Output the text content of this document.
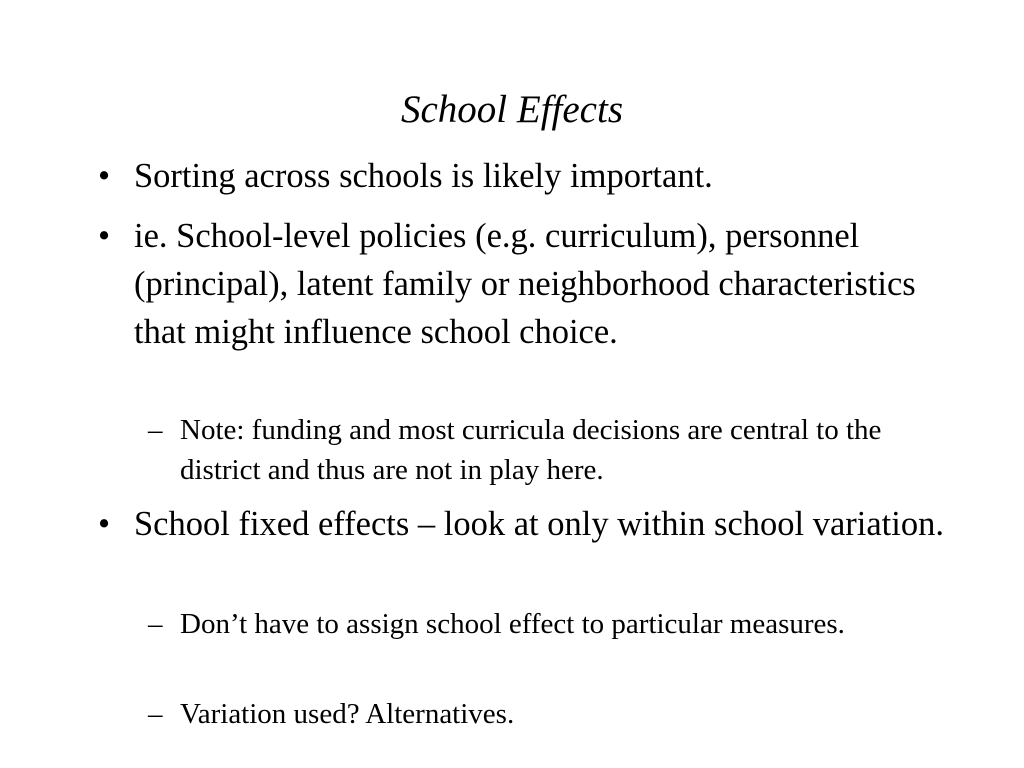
School Effects
• Sorting across schools is likely important.
• ie. School-level policies (e.g. curriculum), personnel (principal), latent family or neighborhood characteristics that might influence school choice.
– Note: funding and most curricula decisions are central to the district and thus are not in play here.
• School fixed effects – look at only within school variation.
– Don’t have to assign school effect to particular measures.
– Variation used? Alternatives.
